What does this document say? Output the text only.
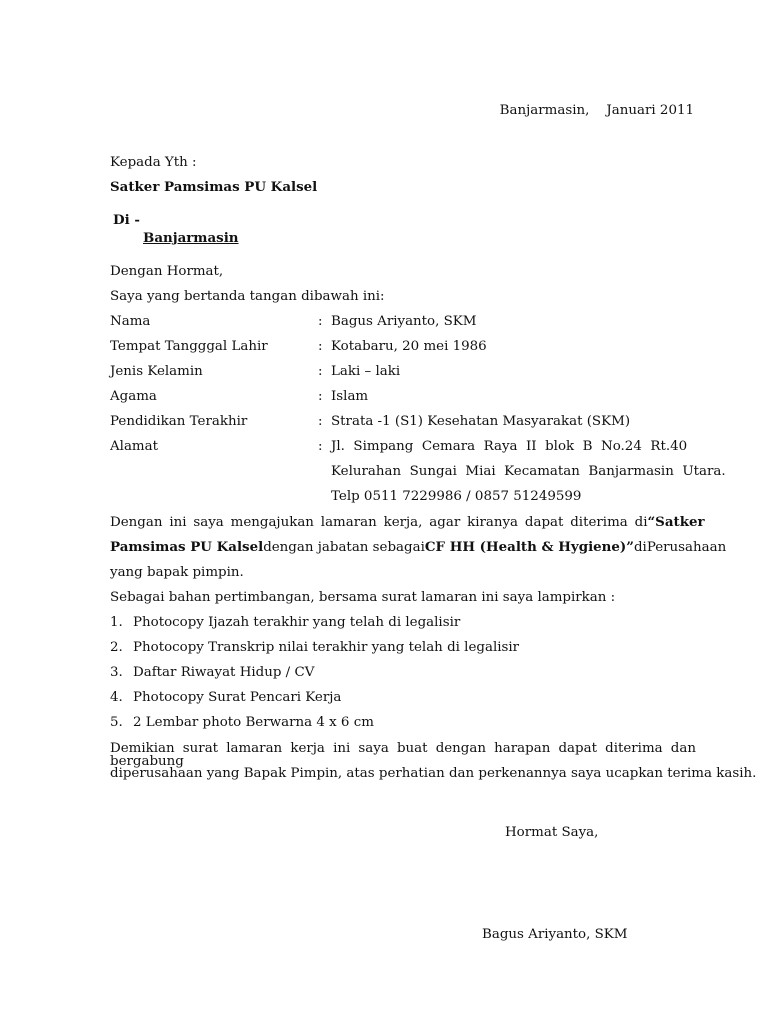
Banjarmasin,    Januari 2011
Kepada Yth :
Satker Pamsimas PU Kalsel
Di -
Banjarmasin
Dengan Hormat,
Saya yang bertanda tangan dibawah ini:
Nama	: Bagus Ariyanto, SKM
Tempat Tangggal Lahir	: Kotabaru, 20 mei 1986
Jenis Kelamin	: Laki – laki
Agama	: Islam
Pendidikan Terakhir	: Strata -1 (S1) Kesehatan Masyarakat (SKM)
Alamat	: Jl.  Simpang  Cemara  Raya  II  blok  B  No.24  Rt.40
Kelurahan  Sungai  Miai  Kecamatan  Banjarmasin  Utara.
Telp 0511 7229986 / 0857 51249599
Dengan ini saya mengajukan lamaran kerja, agar kiranya dapat diterima di “Satker
Pamsimas PU Kalsel dengan jabatan sebagai CF HH (Health & Hygiene)” diPerusahaan
yang bapak pimpin.
Sebagai bahan pertimbangan, bersama surat lamaran ini saya lampirkan :
1. Photocopy Ijazah terakhir yang telah di legalisir
2. Photocopy Transkrip nilai terakhir yang telah di legalisir
3. Daftar Riwayat Hidup / CV
4. Photocopy Surat Pencari Kerja
5. 2 Lembar photo Berwarna 4 x 6 cm
Demikian surat lamaran kerja ini saya buat dengan harapan dapat diterima dan bergabung
diperusahaan yang Bapak Pimpin, atas perhatian dan perkenannya saya ucapkan terima kasih.
Hormat Saya,
Bagus Ariyanto, SKM
